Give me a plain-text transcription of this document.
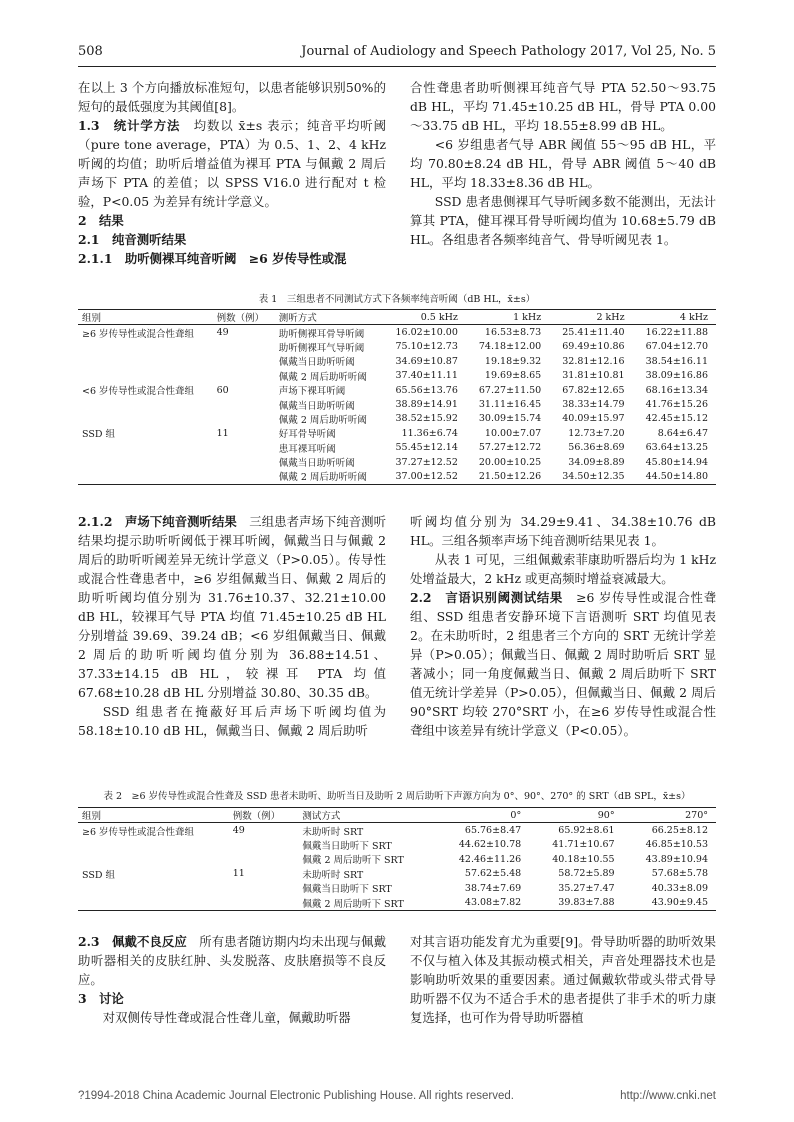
508	Journal of Audiology and Speech Pathology 2017, Vol 25, No. 5

在以上 3 个方向播放标准短句，以患者能够识别50%的短句的最低强度为其阈值[8]。

1.3　统计学方法　 均数以 x̄±s 表示；纯音平均听阈（pure tone average，PTA）为 0.5、1、2、4 kHz 听阈的均值；助听后增益值为裸耳 PTA 与佩戴 2 周后声场下 PTA 的差值；以 SPSS V16.0 进行配对 t 检验，P<0.05 为差异有统计学意义。

2　结果

2.1　纯音测听结果

2.1.1　助听侧裸耳纯音听阈　≥6 岁传导性或混

合性聋患者助听侧裸耳纯音气导 PTA 52.50～93.75 dB HL，平均 71.45±10.25 dB HL，骨导 PTA 0.00～33.75 dB HL，平均 18.55±8.99 dB HL。

<6 岁组患者气导 ABR 阈值 55～95 dB HL，平均 70.80±8.24 dB HL，骨导 ABR 阈值 5～40 dB HL，平均 18.33±8.36 dB HL。

SSD 患者患侧裸耳气导听阈多数不能测出，无法计算其 PTA，健耳裸耳骨导听阈均值为 10.68±5.79 dB HL。各组患者各频率纯音气、骨导听阈见表 1。

表 1　三组患者不同测试方式下各频率纯音听阈（dB HL，x̄±s）
组别	例数（例）	测听方式	0.5 kHz	1 kHz	2 kHz	4 kHz
≥6 岁传导性或混合性聋组	49	助听侧裸耳骨导听阈	16.02±10.00	16.53±8.73	25.41±11.40	16.22±11.88
		助听侧裸耳气导听阈	75.10±12.73	74.18±12.00	69.49±10.86	67.04±12.70
		佩戴当日助听听阈	34.69±10.87	19.18±9.32	32.81±12.16	38.54±16.11
		佩戴 2 周后助听听阈	37.40±11.11	19.69±8.65	31.81±10.81	38.09±16.86
<6 岁传导性或混合性聋组	60	声场下裸耳听阈	65.56±13.76	67.27±11.50	67.82±12.65	68.16±13.34
		佩戴当日助听听阈	38.89±14.91	31.11±16.45	38.33±14.79	41.76±15.26
		佩戴 2 周后助听听阈	38.52±15.92	30.09±15.74	40.09±15.97	42.45±15.12
SSD 组	11	好耳骨导听阈	11.36±6.74	10.00±7.07	12.73±7.20	8.64±6.47
		患耳裸耳听阈	55.45±12.14	57.27±12.72	56.36±8.69	63.64±13.25
		佩戴当日助听听阈	37.27±12.52	20.00±10.25	34.09±8.89	45.80±14.94
		佩戴 2 周后助听听阈	37.00±12.52	21.50±12.26	34.50±12.35	44.50±14.80

2.1.2　声场下纯音测听结果　 三组患者声场下纯音测听结果均提示助听听阈低于裸耳听阈，佩戴当日与佩戴 2 周后的助听听阈差异无统计学意义（P>0.05）。传导性或混合性聋患者中，≥6 岁组佩戴当日、佩戴 2 周后的助听听阈均值分别为 31.76±10.37、32.21±10.00 dB HL，较裸耳气导 PTA 均值 71.45±10.25 dB HL 分别增益 39.69、39.24 dB；<6 岁组佩戴当日、佩戴 2 周后的助听听阈均值分别为 36.88±14.51、37.33±14.15 dB HL，较裸耳 PTA 均值 67.68±10.28 dB HL 分别增益 30.80、30.35 dB。

SSD 组患者在掩蔽好耳后声场下听阈均值为 58.18±10.10 dB HL，佩戴当日、佩戴 2 周后助听

听阈均值分别为 34.29±9.41、34.38±10.76 dB HL。三组各频率声场下纯音测听结果见表 1。

从表 1 可见，三组佩戴索菲康助听器后均为 1 kHz 处增益最大，2 kHz 或更高频时增益衰减最大。

2.2　言语识别阈测试结果　 ≥6 岁传导性或混合性聋组、SSD 组患者安静环境下言语测听 SRT 均值见表 2。在未助听时，2 组患者三个方向的 SRT 无统计学差异（P>0.05）；佩戴当日、佩戴 2 周时助听后 SRT 显著减小；同一角度佩戴当日、佩戴 2 周后助听下 SRT 值无统计学差异（P>0.05），但佩戴当日、佩戴 2 周后 90°SRT 均较 270°SRT 小，在≥6 岁传导性或混合性聋组中该差异有统计学意义（P<0.05）。

表 2　≥6 岁传导性或混合性聋及 SSD 患者未助听、助听当日及助听 2 周后助听下声源方向为 0°、90°、270° 的 SRT（dB SPL，x̄±s）
组别	例数（例）	测试方式	0°	90°	270°
≥6 岁传导性或混合性聋组	49	未助听时 SRT	65.76±8.47	65.92±8.61	66.25±8.12
		佩戴当日助听下 SRT	44.62±10.78	41.71±10.67	46.85±10.53
		佩戴 2 周后助听下 SRT	42.46±11.26	40.18±10.55	43.89±10.94
SSD 组	11	未助听时 SRT	57.62±5.48	58.72±5.89	57.68±5.78
		佩戴当日助听下 SRT	38.74±7.69	35.27±7.47	40.33±8.09
		佩戴 2 周后助听下 SRT	43.08±7.82	39.83±7.88	43.90±9.45

2.3　佩戴不良反应　 所有患者随访期内均未出现与佩戴助听器相关的皮肤红肿、头发脱落、皮肤磨损等不良反应。

3　讨论

对双侧传导性聋或混合性聋儿童，佩戴助听器

对其言语功能发育尤为重要[9]。骨导助听器的助听效果不仅与植入体及其振动模式相关，声音处理器技术也是影响助听效果的重要因素。通过佩戴软带或头带式骨导助听器不仅为不适合手术的患者提供了非手术的听力康复选择，也可作为骨导助听器植

?1994-2018 China Academic Journal Electronic Publishing House. All rights reserved.	http://www.cnki.net
